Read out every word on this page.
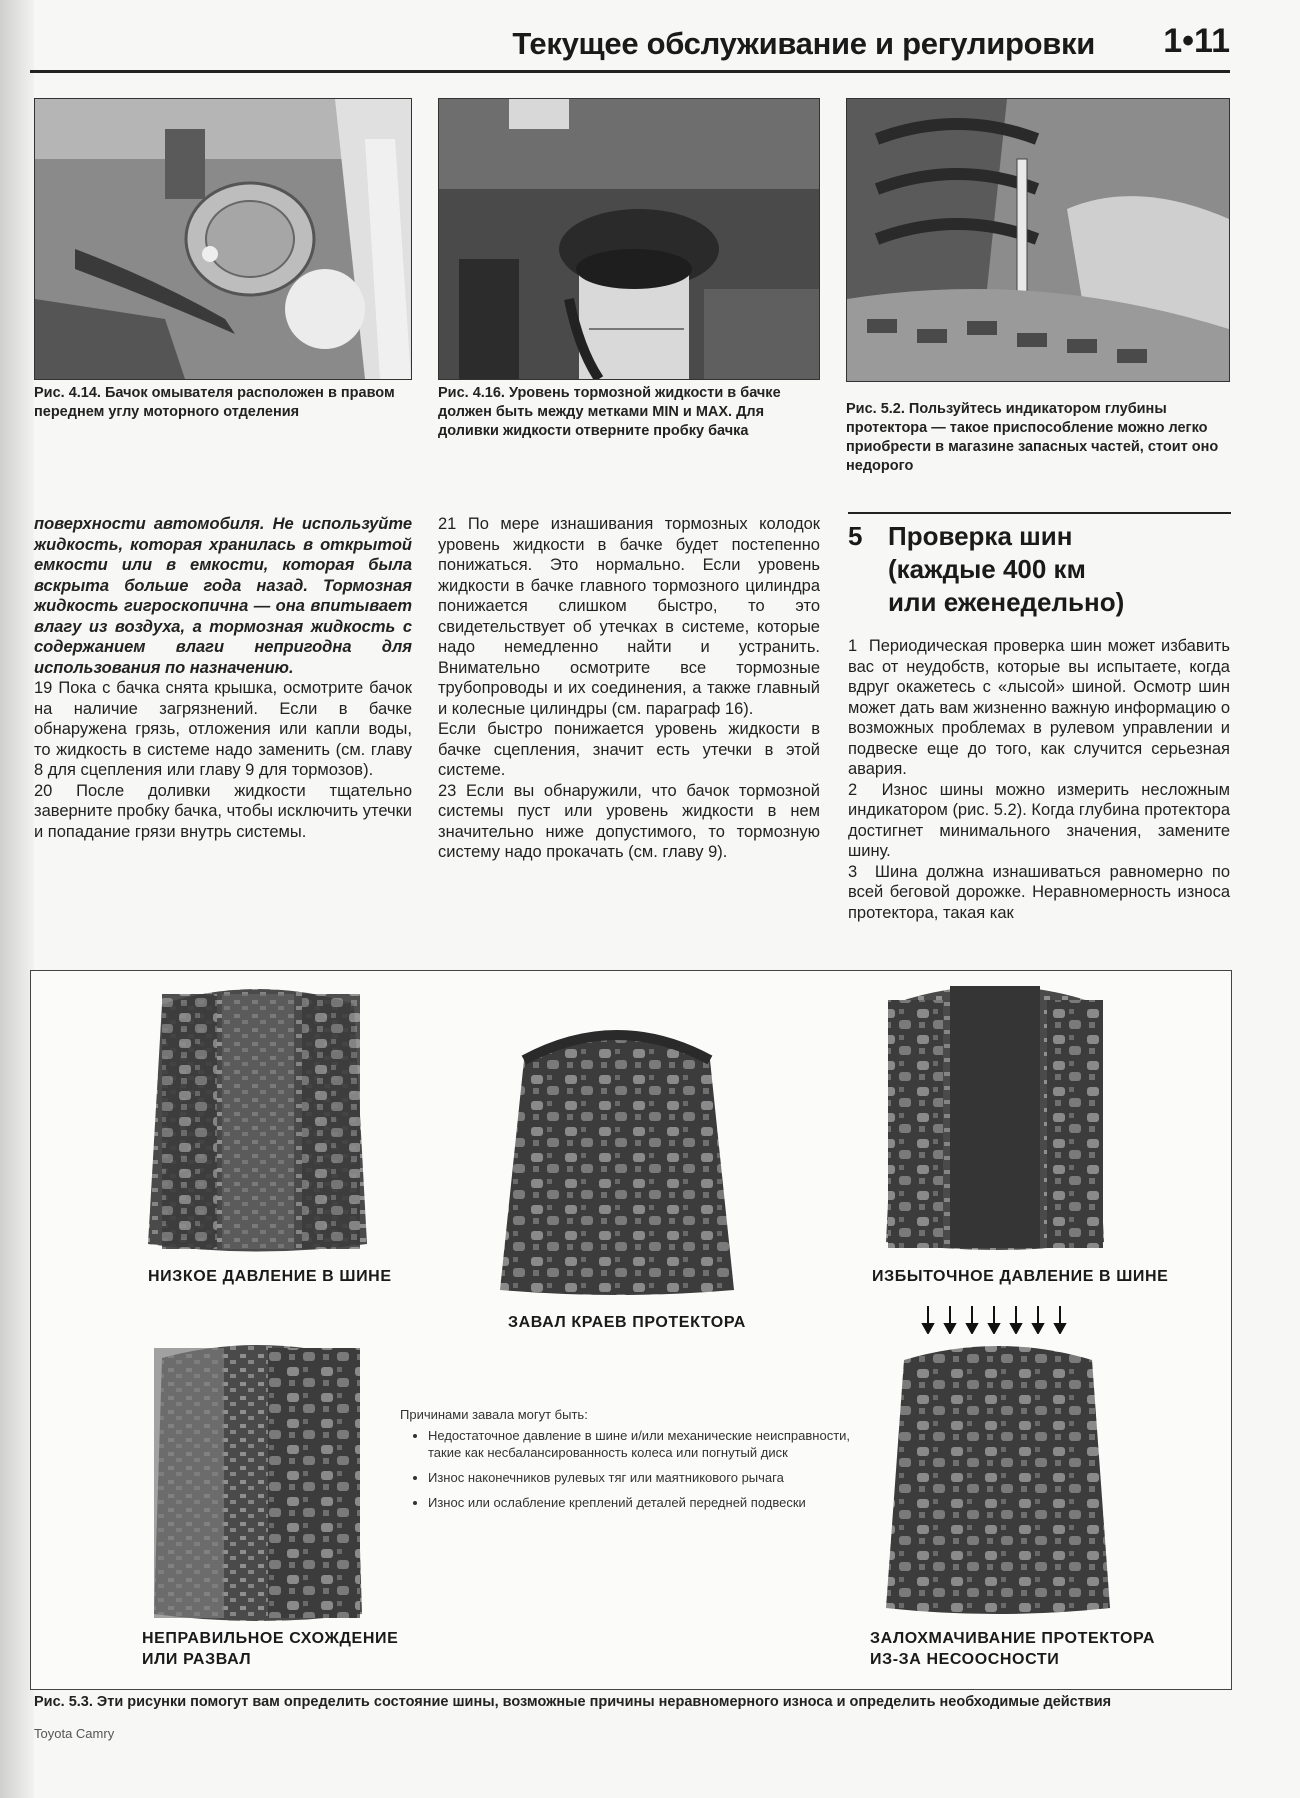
Текущее обслуживание и регулировки 1•11
Рис. 4.14. Бачок омывателя расположен в правом переднем углу моторного отделения
Рис. 4.16. Уровень тормозной жидкости в бачке должен быть между метками MIN и MAX. Для доливки жидкости отверните пробку бачка
Рис. 5.2. Пользуйтесь индикатором глубины протектора — такое приспособление можно легко приобрести в магазине запасных частей, стоит оно недорого

поверхности автомобиля. Не используйте жидкость, которая хранилась в открытой емкости или в емкости, которая была вскрыта больше года назад. Тормозная жидкость гигроскопична — она впитывает влагу из воздуха, а тормозная жидкость с содержанием влаги непригодна для использования по назначению.

19 Пока с бачка снята крышка, осмотрите бачок на наличие загрязнений. Если в бачке обнаружена грязь, отложения или капли воды, то жидкость в системе надо заменить (см. главу 8 для сцепления или главу 9 для тормозов).

20 После доливки жидкости тщательно заверните пробку бачка, чтобы исключить утечки и попадание грязи внутрь системы.

21 По мере изнашивания тормозных колодок уровень жидкости в бачке будет постепенно понижаться. Это нормально. Если уровень жидкости в бачке главного тормозного цилиндра понижается слишком быстро, то это свидетельствует об утечках в системе, которые надо немедленно найти и устранить. Внимательно осмотрите все тормозные трубопроводы и их соединения, а также главный и колесные цилиндры (см. параграф 16).

Если быстро понижается уровень жидкости в бачке сцепления, значит есть утечки в этой системе.

23 Если вы обнаружили, что бачок тормозной системы пуст или уровень жидкости в нем значительно ниже допустимого, то тормозную систему надо прокачать (см. главу 9).

5 Проверка шин
(каждые 400 км
или еженедельно)

1 Периодическая проверка шин может избавить вас от неудобств, которые вы испытаете, когда вдруг окажетесь с «лысой» шиной. Осмотр шин может дать вам жизненно важную информацию о возможных проблемах в рулевом управлении и подвеске еще до того, как случится серьезная авария.

2 Износ шины можно измерить несложным индикатором (рис. 5.2). Когда глубина протектора достигнет минимального значения, замените шину.

3 Шина должна изнашиваться равномерно по всей беговой дорожке. Неравномерность износа протектора, такая как

НИЗКОЕ ДАВЛЕНИЕ В ШИНЕ
ЗАВАЛ КРАЕВ ПРОТЕКТОРА
ИЗБЫТОЧНОЕ ДАВЛЕНИЕ В ШИНЕ
НЕПРАВИЛЬНОЕ СХОЖДЕНИЕ
ИЛИ РАЗВАЛ
ЗАЛОХМАЧИВАНИЕ ПРОТЕКТОРА
ИЗ-ЗА НЕСООСНОСТИ
Причинами завала могут быть:
• Недостаточное давление в шине и/или механические неисправности, такие как несбалансированность колеса или погнутый диск
• Износ наконечников рулевых тяг или маятникового рычага
• Износ или ослабление креплений деталей передней подвески
Рис. 5.3. Эти рисунки помогут вам определить состояние шины, возможные причины неравномерного износа и определить необходимые действия
Toyota Camry
